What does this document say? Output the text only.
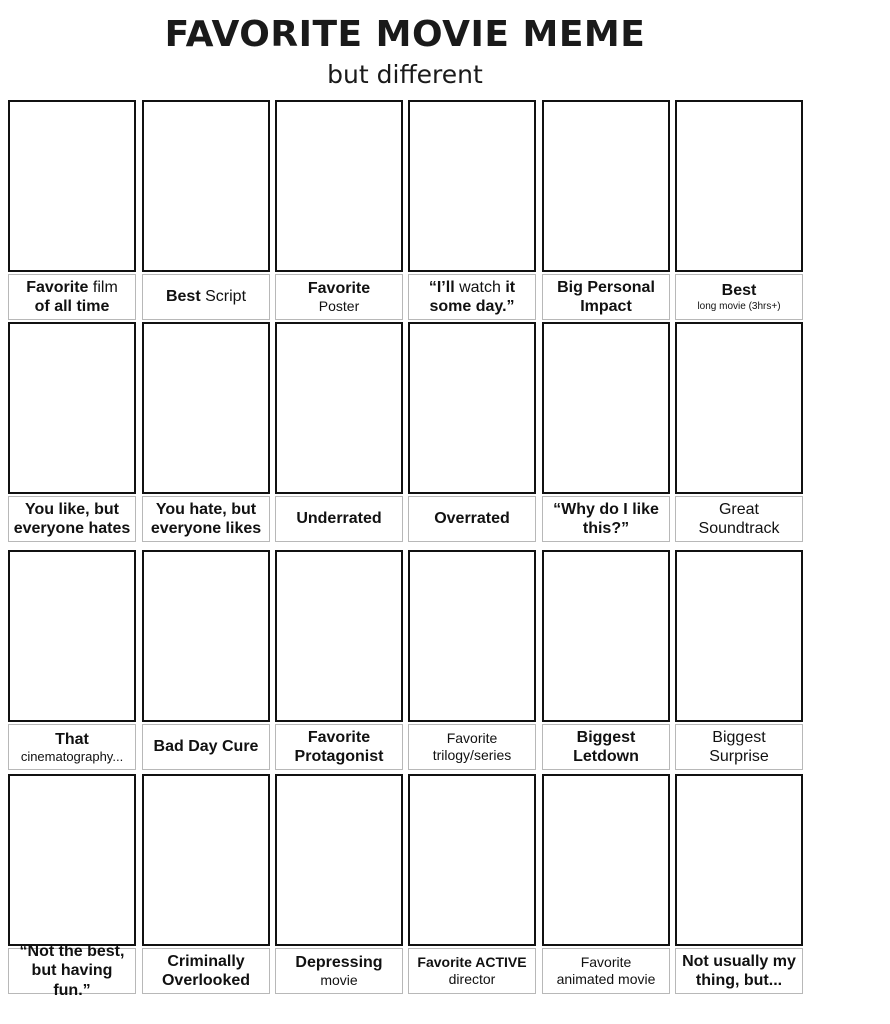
FAVORITE MOVIE MEME
but different
Favorite film
of all time
Best Script	Favorite
Poster
“I’ll watch it
some day.”
Big Personal
Impact
Best
long movie (3hrs+)
You like, but
everyone hates
You hate, but
everyone likes
Underrated	Overrated
“Why do I like
this?”
Great
Soundtrack
That
cinematography...
Bad Day Cure
Favorite
Protagonist
Favorite
trilogy/series
Biggest
Letdown
Biggest
Surprise
“Not the best,
but having fun.”
Criminally
Overlooked
Depressing
movie
Favorite ACTIVE
director
Favorite
animated movie
Not usually my
thing, but...
